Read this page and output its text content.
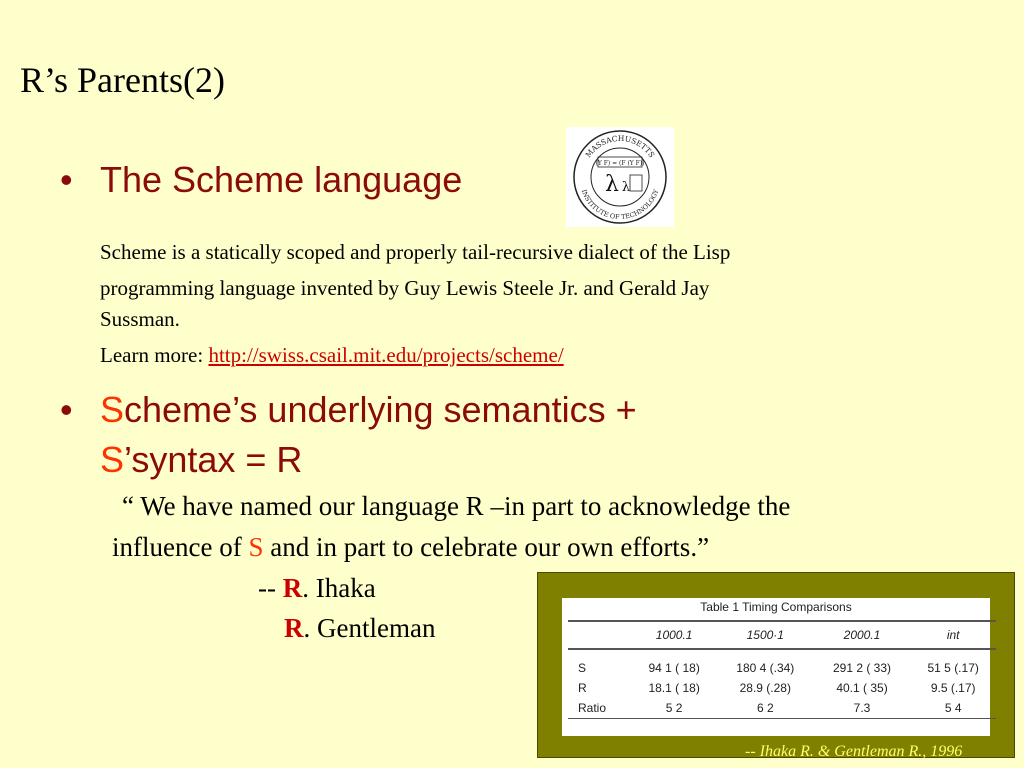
R’s Parents(2)
• The Scheme language
MASSACHUSETTS
INSTITUTE OF TECHNOLOGY
(Y F) = (F (Y F))
λ λ
Scheme is a statically scoped and properly tail-recursive dialect of the Lisp
programming language invented by Guy Lewis Steele Jr. and Gerald Jay
Sussman.
Learn more: http://swiss.csail.mit.edu/projects/scheme/
• Scheme’s underlying semantics +
S’syntax = R
“ We have named our language R –in part to acknowledge the
influence of S and in part to celebrate our own efforts.”
-- R. Ihaka
R. Gentleman
Table 1 Timing Comparisons
	1000.1	1500·1	2000.1	int

S	94 1 ( 18)	180 4 (.34)	291 2 ( 33)	51 5 (.17)
R	18.1 ( 18)	28.9 (.28)	40.1 ( 35)	9.5 (.17)
Ratio	5 2	6 2	7.3	5 4
-- Ihaka R. & Gentleman R., 1996
